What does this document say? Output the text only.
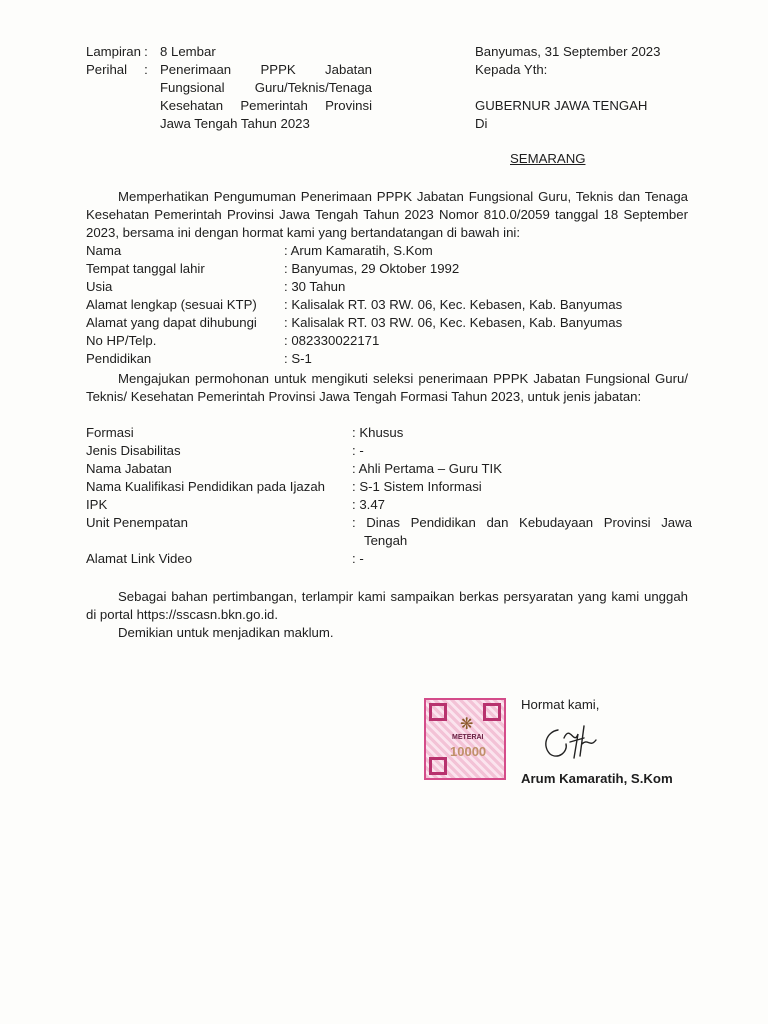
Lampiran : 8 Lembar
Perihal	: Penerimaan PPPK Jabatan
Fungsional Guru/Teknis/Tenaga
Kesehatan Pemerintah Provinsi
Jawa Tengah Tahun 2023
Banyumas, 31 September 2023
Kepada Yth:
GUBERNUR JAWA TENGAH
Di
SEMARANG
Memperhatikan Pengumuman Penerimaan PPPK Jabatan Fungsional Guru, Teknis dan Tenaga Kesehatan Pemerintah Provinsi Jawa Tengah Tahun 2023 Nomor 810.0/2059 tanggal 18 September 2023, bersama ini dengan hormat kami yang bertandatangan di bawah ini:
Nama	: Arum Kamaratih, S.Kom
Tempat tanggal lahir	: Banyumas, 29 Oktober 1992
Usia	: 30 Tahun
Alamat lengkap (sesuai KTP)	: Kalisalak RT. 03 RW. 06, Kec. Kebasen, Kab. Banyumas
Alamat yang dapat dihubungi	: Kalisalak RT. 03 RW. 06, Kec. Kebasen, Kab. Banyumas
No HP/Telp.	: 082330022171
Pendidikan	: S-1
Mengajukan permohonan untuk mengikuti seleksi penerimaan PPPK Jabatan Fungsional Guru/ Teknis/ Kesehatan Pemerintah Provinsi Jawa Tengah Formasi Tahun 2023, untuk jenis jabatan:
Formasi	: Khusus
Jenis Disabilitas	: -
Nama Jabatan	: Ahli Pertama – Guru TIK
Nama Kualifikasi Pendidikan pada Ijazah	: S-1 Sistem Informasi
IPK	: 3.47
Unit Penempatan	: Dinas Pendidikan dan Kebudayaan Provinsi Jawa
Tengah
Alamat Link Video	: -
Sebagai bahan pertimbangan, terlampir kami sampaikan berkas persyaratan yang kami unggah di portal https://sscasn.bkn.go.id.
Demikian untuk menjadikan maklum.
❋
METERAI
10000
Hormat kami,
Arum Kamaratih, S.Kom
